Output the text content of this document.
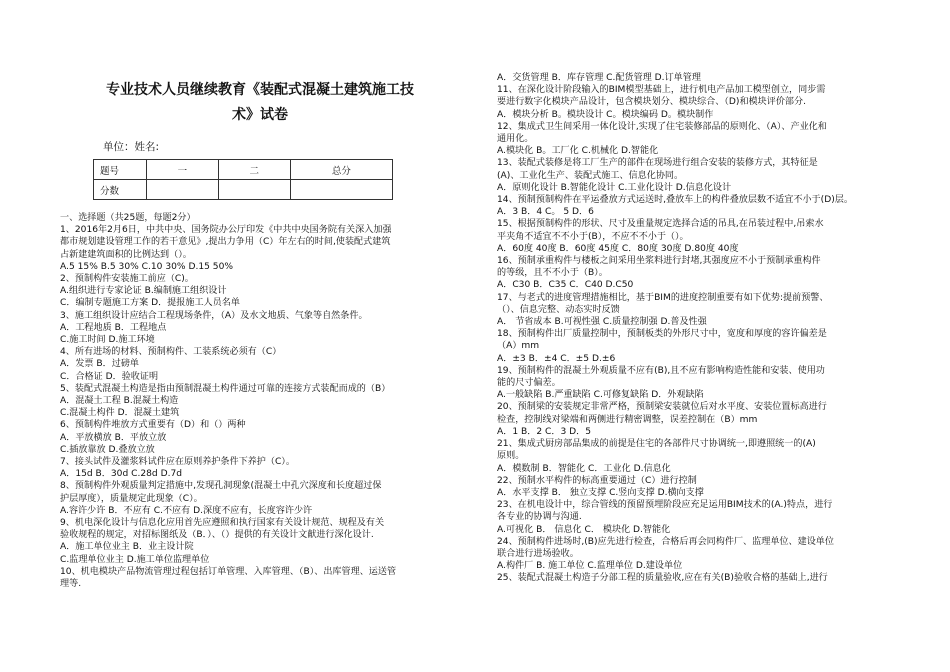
专业技术人员继续教育《装配式混凝土建筑施工技
术》试卷
单位：姓名:
题号	一	二	总分
分数			
一、选择题（共25题，每题2分）
1、2016年2月6日，中共中央、国务院办公厅印发《中共中央国务院有关深入加强
都市规划建设管理工作的若干意见》,提出力争用（C）年左右的时间,使装配式建筑
占新建建筑面积的比例达到（）。
A.5 15% B.5 30% C.10 30% D.15 50%
2、预制构件安装施工前应（C)。
A.组织进行专家论证 B.编制施工组织设计
C．编制专题施工方案 D．提报施工人员名单
3、施工组织设计应结合工程现场条件，（A）及水文地质、气象等自然条件。
A．工程地质 B．工程地点
C.施工时间 D.施工环境
4、所有进场的材料、预制构件、工装系统必须有（C）
A．发票 B．过磅单
C．合格证 D．验收证明
5、装配式混凝土构造是指由预制混凝土构件通过可靠的连接方式装配而成的（B）
A．混凝土工程 B.混凝土构造
C.混凝土构件 D．混凝土建筑
6、预制构件堆放方式重要有（D）和（）两种
A．平放横放 B．平放立放
C.插放靠放 D.叠放立放
7、接头试件及灌浆料试件应在原则养护条件下养护（C）。
A．15d B．30d C.28d D.7d
8、预制构件外观质量判定措施中,发现孔洞现象(混凝土中孔穴深度和长度超过保
护层厚度），质量规定此现象（C）。
A.容许少许 B．不应有 C.不应有 D.深度不应有，长度容许少许
9、机电深化设计与信息化应用首先应遵照和执行国家有关设计规范、规程及有关
验收规程的规定，对招标图纸及（B．）、（）提供的有关设计文献进行深化设计.
A．施工单位业主 B．业主设计院
C.监理单位业主 D.施工单位监理单位
10、机电模块产品物流管理过程包括订单管理、入库管理、（B）、出库管理、运送管
理等.
A．交货管理 B．库存管理 C.配货管理 D.订单管理
11、在深化设计阶段输入的BIM模型基础上，进行机电产品加工模型创立，同步需
要进行数字化模块产品设计，包含模块划分、模块综合、（D)和模块评价部分.
A．模块分析 B。模块设计 C。模块编码 D。模块制作
12、集成式卫生间采用一体化设计,实现了住宅装修部品的原则化、（A）、产业化和
通用化。
A.模块化 B。工厂化 C.机械化 D.智能化
13、装配式装修是将工厂生产的部件在现场进行组合安装的装修方式，其特征是
(A)、工业化生产、装配式施工、信息化协同。
A．原则化设计 B.智能化设计 C.工业化设计 D.信息化设计
14、预制预制构件在平运叠放方式运送时,叠放车上的构件叠放层数不适宜不小于(D)层。
A．3 B．4 C。 5 D．6
15、根据预制构件的形状、尺寸及重量规定选择合适的吊具,在吊装过程中,吊索水
平夹角不适宜不不小于(B），不应不不小于（）。
A．60度 40度 B．60度 45度 C．80度 30度 D.80度 40度
16、预制承重构件与楼板之间采用坐浆料进行封堵,其强度应不小于预制承重构件
的等级，且不不小于（B）。
A．C30 B．C35 C．C40 D.C50
17、与老式的进度管理措施相比，基于BIM的进度控制重要有如下优势:提前预警、
（）、信息完整、动态实时反馈
A． 节省成本 B.可视性强 C.质量控制强 D.普及性强
18、预制构件出厂质量控制中，预制板类的外形尺寸中，宽度和厚度的容许偏差是
（A）mm
A．±3 B．±4 C．±5 D.±6
19、预制构件的混凝土外观质量不应有(B),且不应有影响构造性能和安装、使用功
能的尺寸偏差。
A.一般缺陷 B.严重缺陷 C.可修复缺陷 D．外观缺陷
20、预制梁的安装规定非常严格，预制梁安装就位后对水平度、安装位置标高进行
检查，控制线对梁端和两侧进行精密调整，误差控制在（B）mm
A．1 B．2 C．3 D．5
21、集成式厨房部品集成的前提是住宅的各部件尺寸协调统一,即遵照统一的(A)
原则。
A．模数制 B．智能化 C．工业化 D.信息化
22、预制水平构件的标高重要通过（C）进行控制
A．水平支撑 B． 独立支撑 C.竖向支撑 D.横向支撑
23、在机电设计中，综合管线的预留预埋阶段应充足运用BIM技术的(A.)特点，进行
各专业的协调与沟通.
A.可视化 B． 信息化 C． 模块化 D.智能化
24、预制构件进场时,(B)应先进行检查，合格后再会同构件厂、监理单位、建设单位
联合进行进场验收。
A.构件厂 B. 施工单位 C.监理单位 D.建设单位
25、装配式混凝土构造子分部工程的质量验收,应在有关(B)验收合格的基础上,进行
